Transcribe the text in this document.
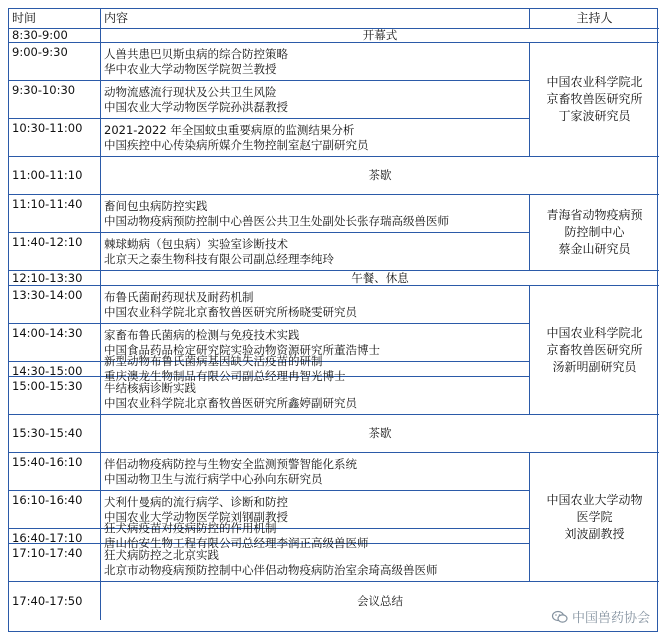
时间	内容	主持人
8:30-9:00	开幕式
9:00-9:30	人兽共患巴贝斯虫病的综合防控策略
华中农业大学动物医学院贺兰教授
9:30-10:30	动物流感流行现状及公共卫生风险
中国农业大学动物医学院孙洪磊教授
10:30-11:00	2021-2022 年全国蚊虫重要病原的监测结果分析
中国疾控中心传染病所媒介生物控制室赵宁副研究员
中国农业科学院北
京畜牧兽医研究所
丁家波研究员
11:00-11:10	茶歇
11:10-11:40	畜间包虫病防控实践
中国动物疫病预防控制中心兽医公共卫生处副处长张存瑞高级兽医师
11:40-12:10	棘球蚴病（包虫病）实验室诊断技术
北京天之泰生物科技有限公司副总经理李纯玲
青海省动物疫病预
防控制中心
蔡金山研究员
12:10-13:30	午餐、休息
13:30-14:00	布鲁氏菌耐药现状及耐药机制
中国农业科学院北京畜牧兽医研究所杨晓雯研究员
14:00-14:30	家畜布鲁氏菌病的检测与免疫技术实践
中国食品药品检定研究院实验动物资源研究所董浩博士
14:30-15:00
新型动物布鲁氏菌病基因缺失活疫苗的研制
重庆澳龙生物制品有限公司副总经理冉智光博士
15:00-15:30	牛结核病诊断实践
中国农业科学院北京畜牧兽医研究所鑫婷副研究员
中国农业科学院北
京畜牧兽医研究所
汤新明副研究员
15:30-15:40	茶歇
15:40-16:10	伴侣动物疫病防控与生物安全监测预警智能化系统
中国动物卫生与流行病学中心孙向东研究员
16:10-16:40	犬利什曼病的流行病学、诊断和防控
中国农业大学动物医学院刘钢副教授
16:40-17:10
狂犬病疫苗对疫病防控的作用机制
唐山怡安生物工程有限公司总经理李润正高级兽医师
17:10-17:40	狂犬病防控之北京实践
北京市动物疫病预防控制中心伴侣动物疫病防治室余琦高级兽医师
中国农业大学动物
医学院
刘波副教授
17:40-17:50	会议总结
中国兽药协会
